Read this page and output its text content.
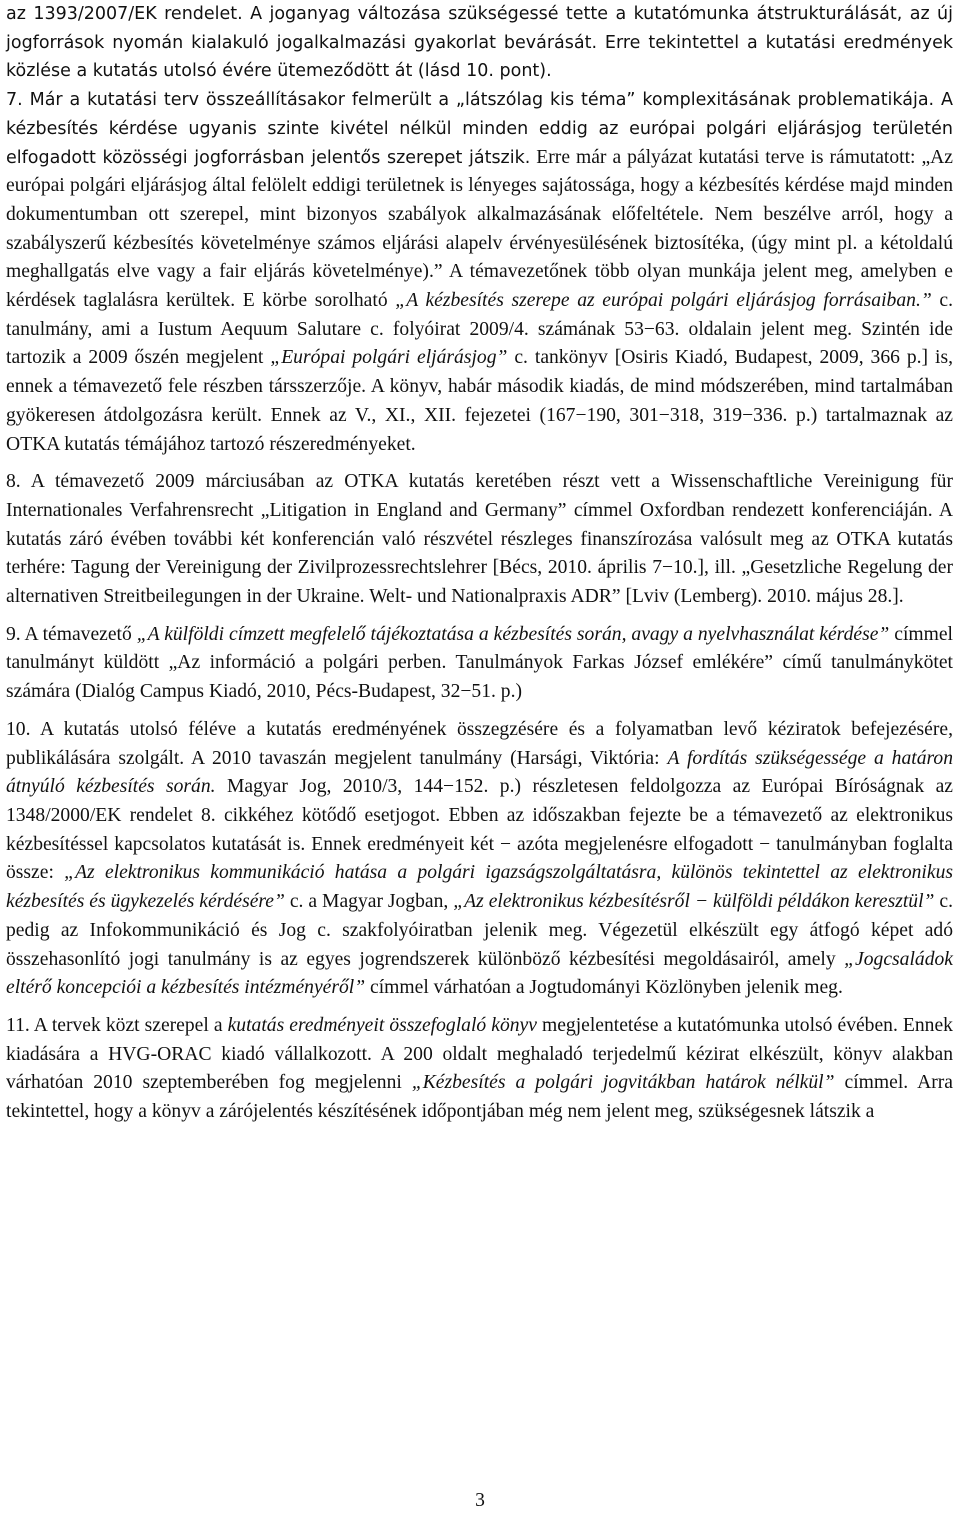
az 1393/2007/EK rendelet. A joganyag változása szükségessé tette a kutatómunka átstrukturálását, az új jogforrások nyomán kialakuló jogalkalmazási gyakorlat bevárását. Erre tekintettel a kutatási eredmények közlése a kutatás utolsó évére ütemeződött át (lásd 10. pont).

7. Már a kutatási terv összeállításakor felmerült a „látszólag kis téma” komplexitásának problematikája. A kézbesítés kérdése ugyanis szinte kivétel nélkül minden eddig az európai polgári eljárásjog területén elfogadott közösségi jogforrásban jelentős szerepet játszik. Erre már a pályázat kutatási terve is rámutatott: „Az európai polgári eljárásjog által felölelt eddigi területnek is lényeges sajátossága, hogy a kézbesítés kérdése majd minden dokumentumban ott szerepel, mint bizonyos szabályok alkalmazásának előfeltétele. Nem beszélve arról, hogy a szabályszerű kézbesítés követelménye számos eljárási alapelv érvényesülésének biztosítéka, (úgy mint pl. a kétoldalú meghallgatás elve vagy a fair eljárás követelménye).” A témavezetőnek több olyan munkája jelent meg, amelyben e kérdések taglalásra kerültek. E körbe sorolható „A kézbesítés szerepe az európai polgári eljárásjog forrásaiban.” c. tanulmány, ami a Iustum Aequum Salutare c. folyóirat 2009/4. számának 53−63. oldalain jelent meg. Szintén ide tartozik a 2009 őszén megjelent „Európai polgári eljárásjog” c. tankönyv [Osiris Kiadó, Budapest, 2009, 366 p.] is, ennek a témavezető fele részben társszerzője. A könyv, habár második kiadás, de mind módszerében, mind tartalmában gyökeresen átdolgozásra került. Ennek az V., XI., XII. fejezetei (167−190, 301−318, 319−336. p.) tartalmaznak az OTKA kutatás témájához tartozó részeredményeket.

8. A témavezető 2009 márciusában az OTKA kutatás keretében részt vett a Wissenschaftliche Vereinigung für Internationales Verfahrensrecht „Litigation in England and Germany” címmel Oxfordban rendezett konferenciáján. A kutatás záró évében további két konferencián való részvétel részleges finanszírozása valósult meg az OTKA kutatás terhére: Tagung der Vereinigung der Zivilprozessrechtslehrer [Bécs, 2010. április 7−10.], ill. „Gesetzliche Regelung der alternativen Streitbeilegungen in der Ukraine. Welt- und Nationalpraxis ADR” [Lviv (Lemberg). 2010. május 28.].

9. A témavezető „A külföldi címzett megfelelő tájékoztatása a kézbesítés során, avagy a nyelvhasználat kérdése” címmel tanulmányt küldött „Az információ a polgári perben. Tanulmányok Farkas József emlékére” című tanulmánykötet számára (Dialóg Campus Kiadó, 2010, Pécs-Budapest, 32−51. p.)

10. A kutatás utolsó féléve a kutatás eredményének összegzésére és a folyamatban levő kéziratok befejezésére, publikálására szolgált. A 2010 tavaszán megjelent tanulmány (Harsági, Viktória: A fordítás szükségessége a határon átnyúló kézbesítés során. Magyar Jog, 2010/3, 144−152. p.) részletesen feldolgozza az Európai Bíróságnak az 1348/2000/EK rendelet 8. cikkéhez kötődő esetjogot. Ebben az időszakban fejezte be a témavezető az elektronikus kézbesítéssel kapcsolatos kutatását is. Ennek eredményeit két − azóta megjelenésre elfogadott − tanulmányban foglalta össze: „Az elektronikus kommunikáció hatása a polgári igazságszolgáltatásra, különös tekintettel az elektronikus kézbesítés és ügykezelés kérdésére” c. a Magyar Jogban, „Az elektronikus kézbesítésről − külföldi példákon keresztül” c. pedig az Infokommunikáció és Jog c. szakfolyóiratban jelenik meg. Végezetül elkészült egy átfogó képet adó összehasonlító jogi tanulmány is az egyes jogrendszerek különböző kézbesítési megoldásairól, amely „Jogcsaládok eltérő koncepciói a kézbesítés intézményéről” címmel várhatóan a Jogtudományi Közlönyben jelenik meg.

11. A tervek közt szerepel a kutatás eredményeit összefoglaló könyv megjelentetése a kutatómunka utolsó évében. Ennek kiadására a HVG-ORAC kiadó vállalkozott. A 200 oldalt meghaladó terjedelmű kézirat elkészült, könyv alakban várhatóan 2010 szeptemberében fog megjelenni „Kézbesítés a polgári jogvitákban határok nélkül” címmel. Arra tekintettel, hogy a könyv a zárójelentés készítésének időpontjában még nem jelent meg, szükségesnek látszik a

3
